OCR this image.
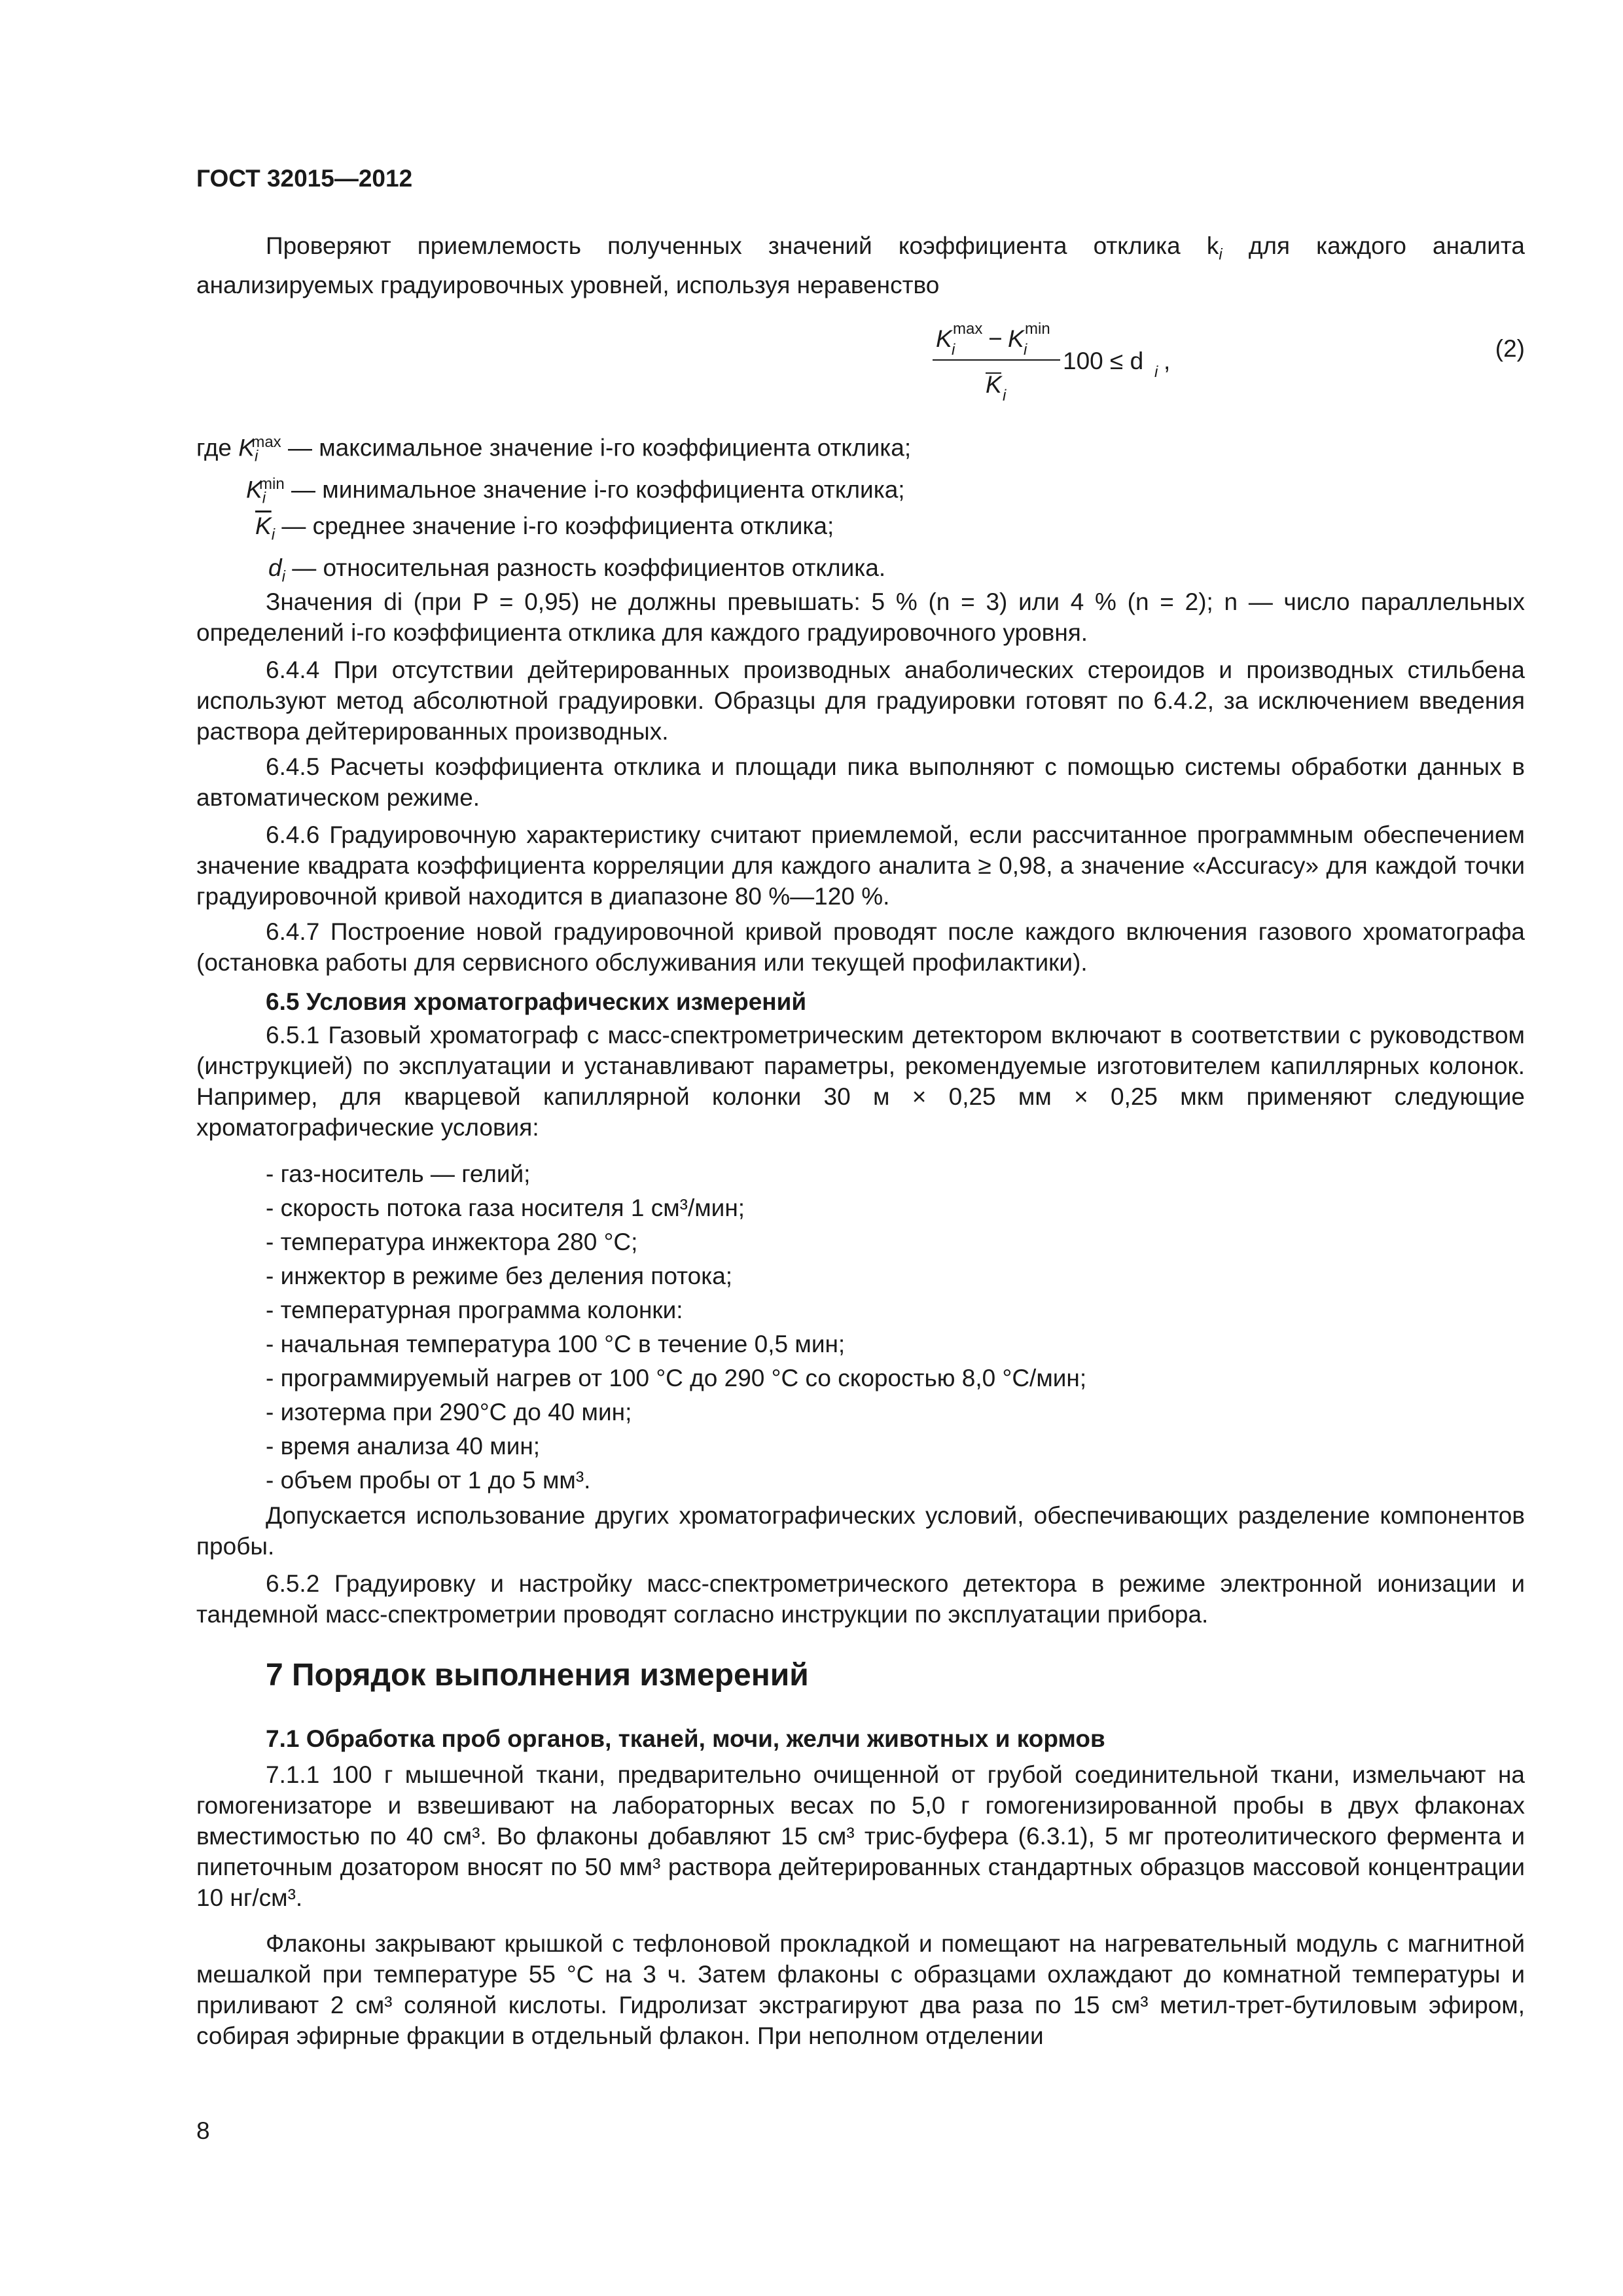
ГОСТ 32015—2012
Проверяют приемлемость полученных значений коэффициента отклика $k_i$ для каждого аналита анализируемых градуировочных уровней, используя неравенство
K max
i − K min
i
K i
100 ≤ d i ,	(2)
где $K_i^{max}$ — максимальное значение i-го коэффициента отклика;
$K_i^{min}$ — минимальное значение i-го коэффициента отклика;
$\overline{K}_i$ — среднее значение i-го коэффициента отклика;
$d_i$ — относительная разность коэффициентов отклика.
Значения di (при P = 0,95) не должны превышать: 5 % (n = 3) или 4 % (n = 2); n — число параллельных определений i-го коэффициента отклика для каждого градуировочного уровня.
6.4.4 При отсутствии дейтерированных производных анаболических стероидов и производных стильбена используют метод абсолютной градуировки. Образцы для градуировки готовят по 6.4.2, за исключением введения раствора дейтерированных производных.
6.4.5 Расчеты коэффициента отклика и площади пика выполняют с помощью системы обработки данных в автоматическом режиме.
6.4.6 Градуировочную характеристику считают приемлемой, если рассчитанное программным обеспечением значение квадрата коэффициента корреляции для каждого аналита ≥ 0,98, а значение «Accuracy» для каждой точки градуировочной кривой находится в диапазоне 80 %—120 %.
6.4.7 Построение новой градуировочной кривой проводят после каждого включения газового хроматографа (остановка работы для сервисного обслуживания или текущей профилактики).
6.5 Условия хроматографических измерений
6.5.1 Газовый хроматограф с масс-спектрометрическим детектором включают в соответствии с руководством (инструкцией) по эксплуатации и устанавливают параметры, рекомендуемые изготовителем капиллярных колонок. Например, для кварцевой капиллярной колонки 30 м × 0,25 мм × 0,25 мкм применяют следующие хроматографические условия:
- газ-носитель — гелий;
- скорость потока газа носителя 1 см³/мин;
- температура инжектора 280 °С;
- инжектор в режиме без деления потока;
- температурная программа колонки:
- начальная температура 100 °С в течение 0,5 мин;
- программируемый нагрев от 100 °С до 290 °С со скоростью 8,0 °С/мин;
- изотерма при 290°С до 40 мин;
- время анализа 40 мин;
- объем пробы от 1 до 5 мм³.
Допускается использование других хроматографических условий, обеспечивающих разделение компонентов пробы.
6.5.2 Градуировку и настройку масс-спектрометрического детектора в режиме электронной ионизации и тандемной масс-спектрометрии проводят согласно инструкции по эксплуатации прибора.
7 Порядок выполнения измерений
7.1 Обработка проб органов, тканей, мочи, желчи животных и кормов
7.1.1 100 г мышечной ткани, предварительно очищенной от грубой соединительной ткани, измельчают на гомогенизаторе и взвешивают на лабораторных весах по 5,0 г гомогенизированной пробы в двух флаконах вместимостью по 40 см³. Во флаконы добавляют 15 см³ трис-буфера (6.3.1), 5 мг протеолитического фермента и пипеточным дозатором вносят по 50 мм³ раствора дейтерированных стандартных образцов массовой концентрации 10 нг/см³.
Флаконы закрывают крышкой с тефлоновой прокладкой и помещают на нагревательный модуль с магнитной мешалкой при температуре 55 °С на 3 ч. Затем флаконы с образцами охлаждают до комнатной температуры и приливают 2 см³ соляной кислоты. Гидролизат экстрагируют два раза по 15 см³ метил-трет-бутиловым эфиром, собирая эфирные фракции в отдельный флакон. При неполном отделении
8
